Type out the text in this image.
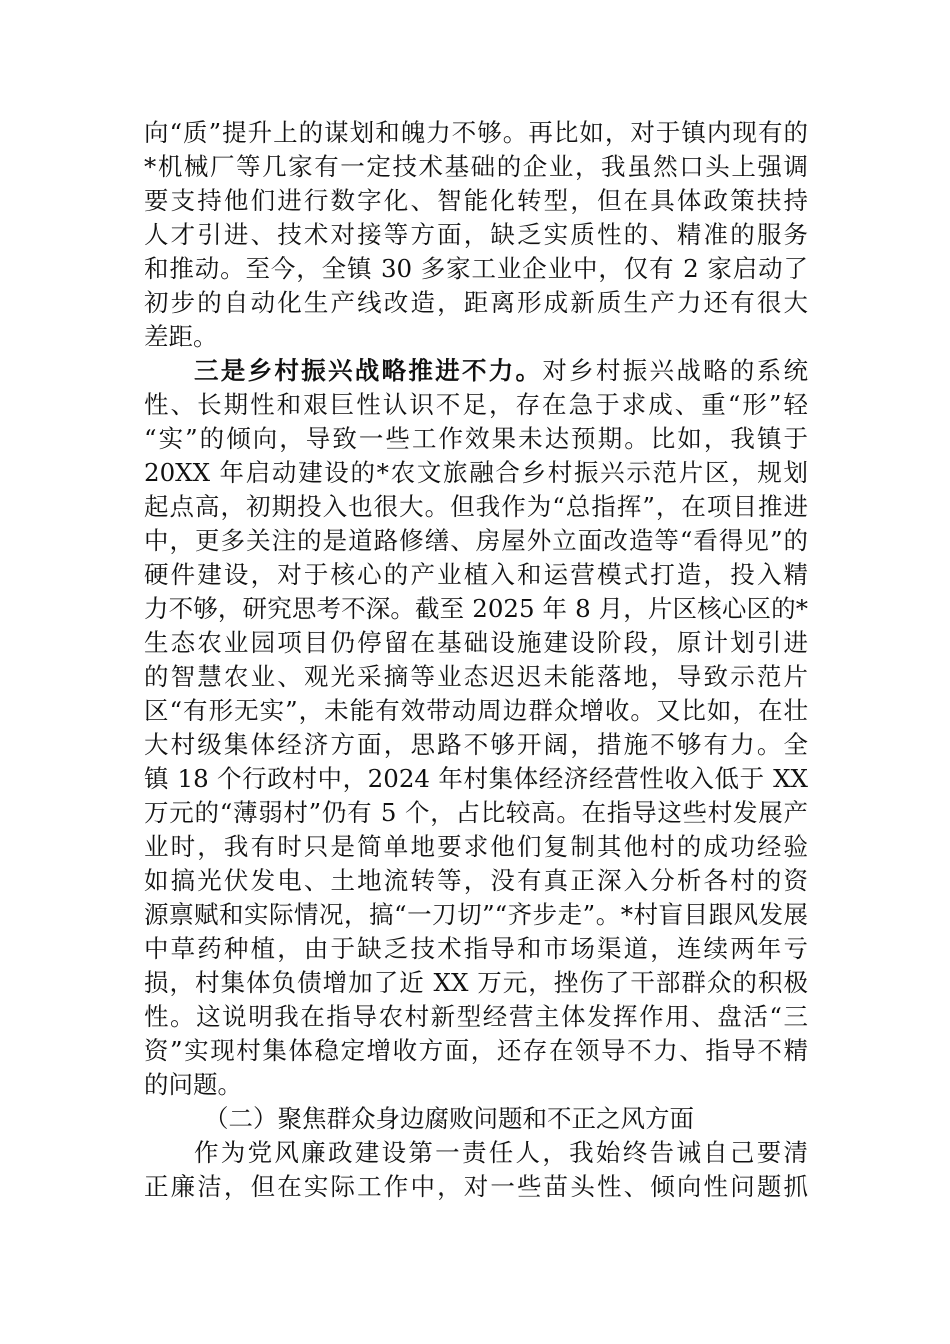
向“质”提升上的谋划和魄力不够。再比如，对于镇内现有的
*机械厂等几家有一定技术基础的企业，我虽然口头上强调
要支持他们进行数字化、智能化转型，但在具体政策扶持
人才引进、技术对接等方面，缺乏实质性的、精准的服务
和推动。至今，全镇 30 多家工业企业中，仅有 2 家启动了
初步的自动化生产线改造，距离形成新质生产力还有很大
差距。
三是乡村振兴战略推进不力。对乡村振兴战略的系统
性、长期性和艰巨性认识不足，存在急于求成、重“形”轻
“实”的倾向，导致一些工作效果未达预期。比如，我镇于
20XX 年启动建设的*农文旅融合乡村振兴示范片区，规划
起点高，初期投入也很大。但我作为“总指挥”，在项目推进
中，更多关注的是道路修缮、房屋外立面改造等“看得见”的
硬件建设，对于核心的产业植入和运营模式打造，投入精
力不够，研究思考不深。截至 2025 年 8 月，片区核心区的*
生态农业园项目仍停留在基础设施建设阶段，原计划引进
的智慧农业、观光采摘等业态迟迟未能落地，导致示范片
区“有形无实”，未能有效带动周边群众增收。又比如，在壮
大村级集体经济方面，思路不够开阔，措施不够有力。全
镇 18 个行政村中，2024 年村集体经济经营性收入低于 XX
万元的“薄弱村”仍有 5 个，占比较高。在指导这些村发展产
业时，我有时只是简单地要求他们复制其他村的成功经验
如搞光伏发电、土地流转等，没有真正深入分析各村的资
源禀赋和实际情况，搞“一刀切”“齐步走”。*村盲目跟风发展
中草药种植，由于缺乏技术指导和市场渠道，连续两年亏
损，村集体负债增加了近 XX 万元，挫伤了干部群众的积极
性。这说明我在指导农村新型经营主体发挥作用、盘活“三
资”实现村集体稳定增收方面，还存在领导不力、指导不精
的问题。
（二）聚焦群众身边腐败问题和不正之风方面
作为党风廉政建设第一责任人，我始终告诫自己要清
正廉洁，但在实际工作中，对一些苗头性、倾向性问题抓
